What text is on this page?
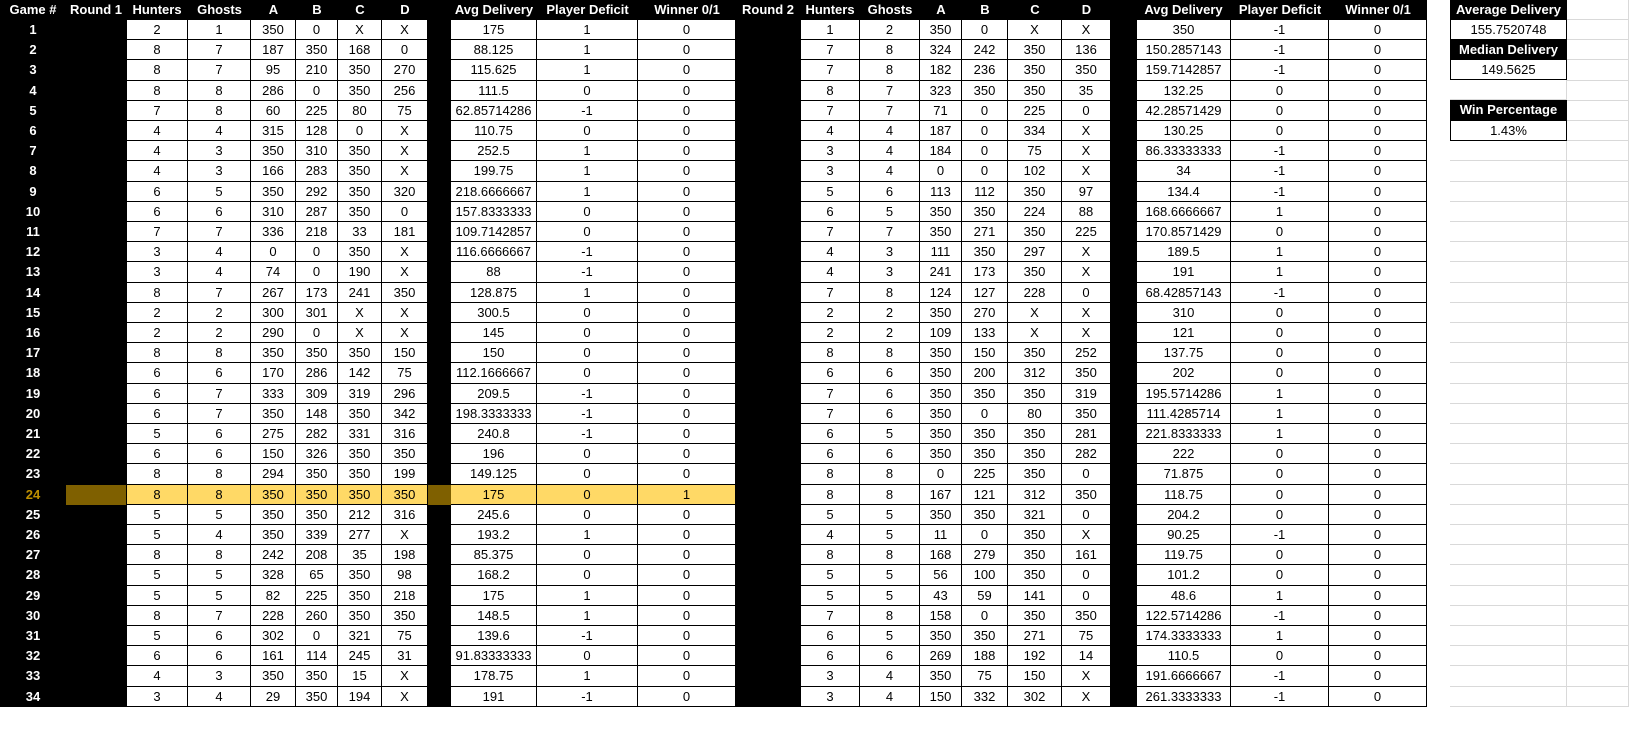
Game #	Round 1 Hunters	Ghosts	A	B	C	D	Avg Delivery	Player Deficit	Winner 0/1	Round 2 Hunters	Ghosts	A	B	C	D	Avg Delivery	Player Deficit	Winner 0/1
1	2	1	350	0	X	X	175	1	0	1	2	350	0	X	X	350	-1	0
2	8	7	187	350	168	0	88.125	1	0	7	8	324	242	350	136	150.2857143	-1	0
3	8	7	95	210	350	270	115.625	1	0	7	8	182	236	350	350	159.7142857	-1	0
4	8	8	286	0	350	256	111.5	0	0	8	7	323	350	350	35	132.25	0	0
5	7	8	60	225	80	75	62.85714286	-1	0	7	7	71	0	225	0	42.28571429	0	0
6	4	4	315	128	0	X	110.75	0	0	4	4	187	0	334	X	130.25	0	0
7	4	3	350	310	350	X	252.5	1	0	3	4	184	0	75	X	86.33333333	-1	0
8	4	3	166	283	350	X	199.75	1	0	3	4	0	0	102	X	34	-1	0
9	6	5	350	292	350	320	218.6666667	1	0	5	6	113	112	350	97	134.4	-1	0
10	6	6	310	287	350	0	157.8333333	0	0	6	5	350	350	224	88	168.6666667	1	0
11	7	7	336	218	33	181	109.7142857	0	0	7	7	350	271	350	225	170.8571429	0	0
12	3	4	0	0	350	X	116.6666667	-1	0	4	3	111	350	297	X	189.5	1	0
13	3	4	74	0	190	X	88	-1	0	4	3	241	173	350	X	191	1	0
14	8	7	267	173	241	350	128.875	1	0	7	8	124	127	228	0	68.42857143	-1	0
15	2	2	300	301	X	X	300.5	0	0	2	2	350	270	X	X	310	0	0
16	2	2	290	0	X	X	145	0	0	2	2	109	133	X	X	121	0	0
17	8	8	350	350	350	150	150	0	0	8	8	350	150	350	252	137.75	0	0
18	6	6	170	286	142	75	112.1666667	0	0	6	6	350	200	312	350	202	0	0
19	6	7	333	309	319	296	209.5	-1	0	7	6	350	350	350	319	195.5714286	1	0
20	6	7	350	148	350	342	198.3333333	-1	0	7	6	350	0	80	350	111.4285714	1	0
21	5	6	275	282	331	316	240.8	-1	0	6	5	350	350	350	281	221.8333333	1	0
22	6	6	150	326	350	350	196	0	0	6	6	350	350	350	282	222	0	0
23	8	8	294	350	350	199	149.125	0	0	8	8	0	225	350	0	71.875	0	0
24	8	8	350	350	350	350	175	0	1	8	8	167	121	312	350	118.75	0	0
25	5	5	350	350	212	316	245.6	0	0	5	5	350	350	321	0	204.2	0	0
26	5	4	350	339	277	X	193.2	1	0	4	5	11	0	350	X	90.25	-1	0
27	8	8	242	208	35	198	85.375	0	0	8	8	168	279	350	161	119.75	0	0
28	5	5	328	65	350	98	168.2	0	0	5	5	56	100	350	0	101.2	0	0
29	5	5	82	225	350	218	175	1	0	5	5	43	59	141	0	48.6	1	0
30	8	7	228	260	350	350	148.5	1	0	7	8	158	0	350	350	122.5714286	-1	0
31	5	6	302	0	321	75	139.6	-1	0	6	5	350	350	271	75	174.3333333	1	0
32	6	6	161	114	245	31	91.83333333	0	0	6	6	269	188	192	14	110.5	0	0
33	4	3	350	350	15	X	178.75	1	0	3	4	350	75	150	X	191.6666667	-1	0
34	3	4	29	350	194	X	191	-1	0	3	4	150	332	302	X	261.3333333	-1	0
Average Delivery
155.7520748
Median Delivery
149.5625
Win Percentage
1.43%
